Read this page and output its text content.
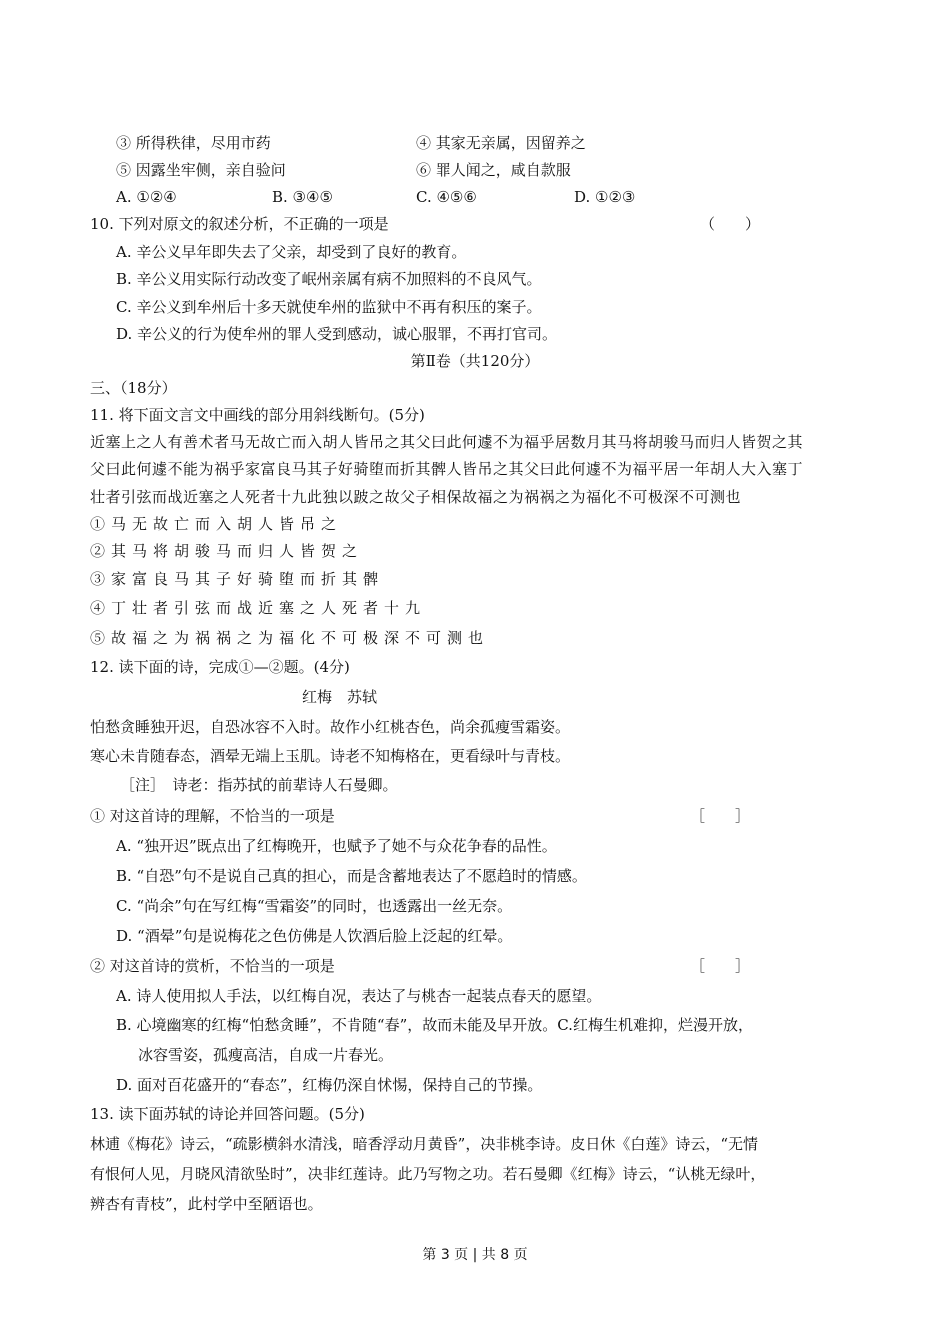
③ 所得秩律，尽用市药	④ 其家无亲属，因留养之
⑤ 因露坐牢侧，亲自验问	⑥ 罪人闻之，咸自款服
A. ①②④	B. ③④⑤	C. ④⑤⑥	D. ①②③
10. 下列对原文的叙述分析，不正确的一项是	（　　）
A. 辛公义早年即失去了父亲，却受到了良好的教育。
B. 辛公义用实际行动改变了岷州亲属有病不加照料的不良风气。
C. 辛公义到牟州后十多天就使牟州的监狱中不再有积压的案子。
D. 辛公义的行为使牟州的罪人受到感动，诚心服罪，不再打官司。
第Ⅱ卷（共120分）
三、（18分）
11. 将下面文言文中画线的部分用斜线断句。(5分)
近塞上之人有善术者马无故亡而入胡人皆吊之其父曰此何遽不为福乎居数月其马将胡骏马而归人皆贺之其
父曰此何遽不能为祸乎家富良马其子好骑堕而折其髀人皆吊之其父曰此何遽不为福平居一年胡人大入塞丁
壮者引弦而战近塞之人死者十九此独以跛之故父子相保故福之为祸祸之为福化不可极深不可测也
①马无故亡而入胡人皆吊之
②其马将胡骏马而归人皆贺之
③家富良马其子好骑堕而折其髀
④丁壮者引弦而战近塞之人死者十九
⑤故福之为祸祸之为福化不可极深不可测也
12. 读下面的诗，完成①—②题。(4分)
红梅　苏轼
怕愁贪睡独开迟，自恐冰容不入时。故作小红桃杏色，尚余孤瘦雪霜姿。
寒心未肯随春态，酒晕无端上玉肌。诗老不知梅格在，更看绿叶与青枝。
［注］　诗老：指苏拭的前辈诗人石曼卿。
① 对这首诗的理解，不恰当的一项是	［　　］
A. “独开迟”既点出了红梅晚开，也赋予了她不与众花争春的品性。
B. “自恐”句不是说自己真的担心，而是含蓄地表达了不愿趋时的情感。
C. “尚余”句在写红梅“雪霜姿”的同时，也透露出一丝无奈。
D. “酒晕”句是说梅花之色仿佛是人饮酒后脸上泛起的红晕。
② 对这首诗的赏析，不恰当的一项是	［　　］
A. 诗人使用拟人手法，以红梅自况，表达了与桃杏一起装点春天的愿望。
B. 心境幽寒的红梅“怕愁贪睡”，不肯随“春”，故而未能及早开放。C.红梅生机难抑，烂漫开放，
冰容雪姿，孤瘦高洁，自成一片春光。
D. 面对百花盛开的“春态”，红梅仍深自怵惕，保持自己的节操。
13. 读下面苏轼的诗论并回答问题。(5分)
林逋《梅花》诗云，“疏影横斜水清浅，暗香浮动月黄昏”，决非桃李诗。皮日休《白莲》诗云，“无情
有恨何人见，月晓风清欲坠时”，决非红莲诗。此乃写物之功。若石曼卿《红梅》诗云，“认桃无绿叶，
辨杏有青枝”，此村学中至陋语也。
第 3 页 | 共 8 页
